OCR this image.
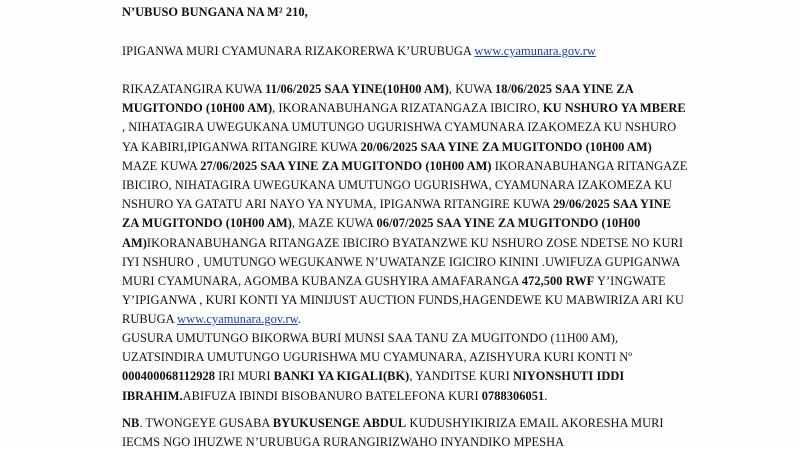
N’UBUSO BUNGANA NA M² 210,

IPIGANWA MURI CYAMUNARA RIZAKORERWA K’URUBUGA www.cyamunara.gov.rw

RIKAZATANGIRA KUWA 11/06/2025 SAA YINE(10H00 AM), KUWA 18/06/2025 SAA YINE ZA
MUGITONDO (10H00 AM), IKORANABUHANGA RIZATANGAZA IBICIRO, KU NSHURO YA MBERE
, NIHATAGIRA UWEGUKANA UMUTUNGO UGURISHWA CYAMUNARA IZAKOMEZA KU NSHURO
YA KABIRI,IPIGANWA RITANGIRE KUWA 20/06/2025 SAA YINE ZA MUGITONDO (10H00 AM)
MAZE KUWA 27/06/2025 SAA YINE ZA MUGITONDO (10H00 AM) IKORANABUHANGA RITANGAZE
IBICIRO, NIHATAGIRA UWEGUKANA UMUTUNGO UGURISHWA, CYAMUNARA IZAKOMEZA KU
NSHURO YA GATATU ARI NAYO YA NYUMA, IPIGANWA RITANGIRE KUWA 29/06/2025 SAA YINE
ZA MUGITONDO (10H00 AM), MAZE KUWA 06/07/2025 SAA YINE ZA MUGITONDO (10H00
AM)IKORANABUHANGA RITANGAZE IBICIRO BYATANZWE KU NSHURO ZOSE NDETSE NO KURI
IYI NSHURO , UMUTUNGO WEGUKANWE N’UWATANZE IGICIRO KININI .UWIFUZA GUPIGANWA
MURI CYAMUNARA, AGOMBA KUBANZA GUSHYIRA AMAFARANGA 472,500 RWF Y’INGWATE
Y’IPIGANWA , KURI KONTI YA MINIJUST AUCTION FUNDS,HAGENDEWE KU MABWIRIZA ARI KU
RUBUGA www.cyamunara.gov.rw.

GUSURA UMUTUNGO BIKORWA BURI MUNSI SAA TANU ZA MUGITONDO (11H00 AM),
UZATSINDIRA UMUTUNGO UGURISHWA MU CYAMUNARA, AZISHYURA KURI KONTI Nº
000400068112928 IRI MURI BANKI YA KIGALI(BK), YANDITSE KURI NIYONSHUTI IDDI
IBRAHIM.ABIFUZA IBINDI BISOBANURO BATELEFONA KURI 0788306051.

NB. TWONGEYE GUSABA BYUKUSENGE ABDUL KUDUSHYIKIRIZA EMAIL AKORESHA MURI
IECMS NGO IHUZWE N’URUBUGA RURANGIRIZWAHO INYANDIKO MPESHA
